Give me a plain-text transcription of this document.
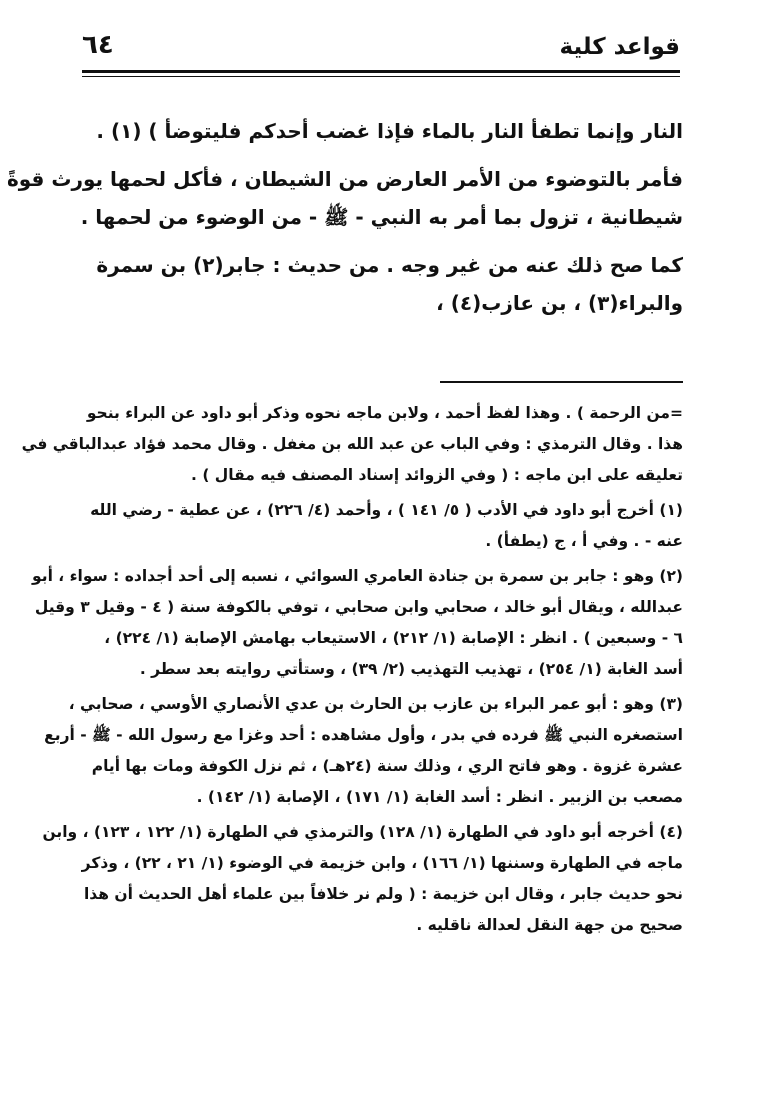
قواعد كلية
٦٤

النار وإنما تطفأ النار بالماء فإذا غضب أحدكم فليتوضأ ) (١) .

فأمر بالتوضوء من الأمر العارض من الشيطان ، فأكل لحمها يورث قوةً

شيطانية ، تزول بما أمر به النبي - ﷺ - من الوضوء من لحمها .

كما صح ذلك عنه من غير وجه . من حديث : جابر(٢) بن سمرة

والبراء(٣) ، بن عازب(٤) ،

=من الرحمة ) . وهذا لفظ أحمد ، ولابن ماجه نحوه وذكر أبو داود عن البراء بنحو

هذا . وقال الترمذي : وفي الباب عن عبد الله بن مغفل . وقال محمد فؤاد عبدالباقي في

تعليقه على ابن ماجه : ( وفي الزوائد إسناد المصنف فيه مقال ) .

(١) أخرج أبو داود في الأدب ( ٥/ ١٤١ ) ، وأحمد (٤/ ٢٢٦) ، عن عطية - رضي الله

عنه - . وفي أ ، ج (يطفأ) .

(٢) وهو : جابر بن سمرة بن جنادة العامري السوائي ، نسبه إلى أحد أجداده : سواء ، أبو

عبدالله ، ويقال أبو خالد ، صحابي وابن صحابي ، توفي بالكوفة سنة ( ٤ - وقيل ٣ وقيل

٦ - وسبعين ) . انظر : الإصابة (١/ ٢١٢) ، الاستيعاب بهامش الإصابة (١/ ٢٢٤) ،

أسد الغابة (١/ ٢٥٤) ، تهذيب التهذيب (٢/ ٣٩) ، وستأتي روايته بعد سطر .

(٣) وهو : أبو عمر البراء بن عازب بن الحارث بن عدي الأنصاري الأوسي ، صحابي ،

استصغره النبي ﷺ فرده في بدر ، وأول مشاهده : أحد وغزا مع رسول الله - ﷺ - أربع

عشرة غزوة . وهو فاتح الري ، وذلك سنة (٢٤هـ) ، ثم نزل الكوفة ومات بها أيام

مصعب بن الزبير . انظر : أسد الغابة (١/ ١٧١) ، الإصابة (١/ ١٤٢) .

(٤) أخرجه أبو داود في الطهارة (١/ ١٢٨) والترمذي في الطهارة (١/ ١٢٢ ، ١٢٣) ، وابن

ماجه في الطهارة وسننها (١/ ١٦٦) ، وابن خزيمة في الوضوء (١/ ٢١ ، ٢٢) ، وذكر

نحو حديث جابر ، وقال ابن خزيمة : ( ولم نر خلافاً بين علماء أهل الحديث أن هذا

صحيح من جهة النقل لعدالة ناقليه .
